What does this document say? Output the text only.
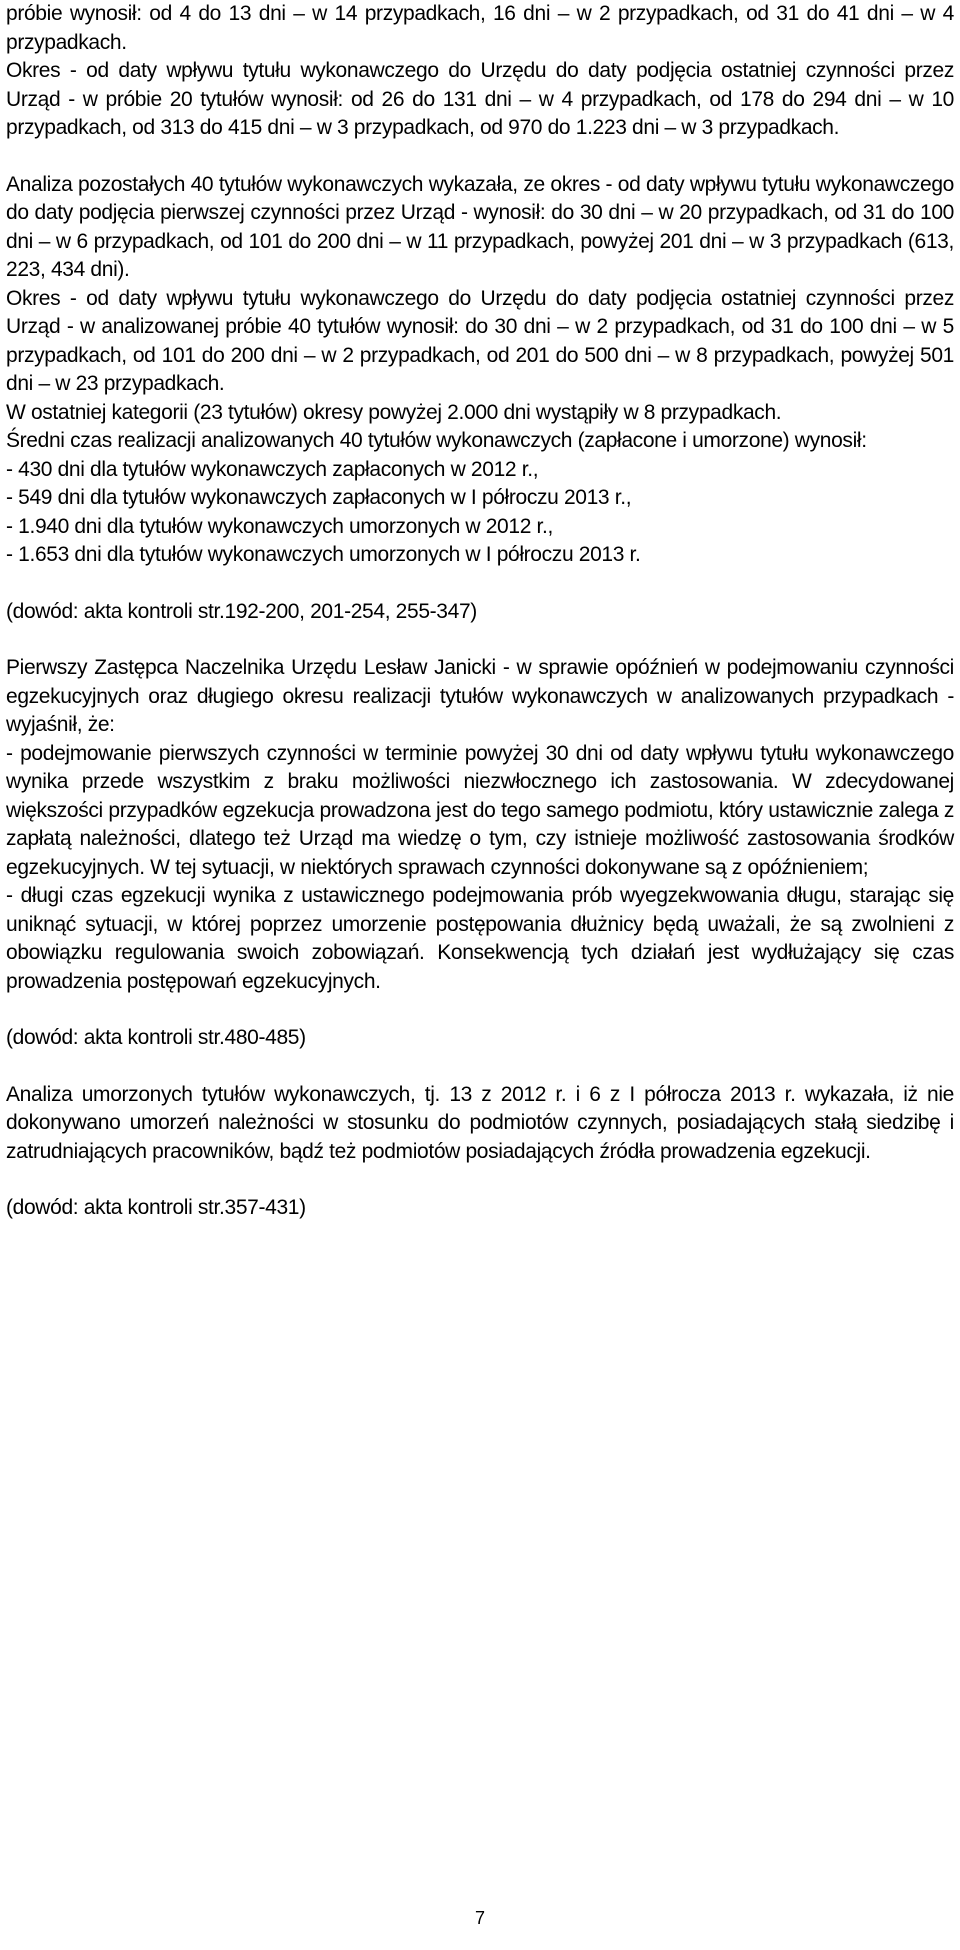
próbie wynosił: od 4 do 13 dni – w 14 przypadkach, 16 dni – w 2 przypadkach, od 31 do 41 dni – w 4 przypadkach.

Okres - od daty wpływu tytułu wykonawczego do Urzędu do daty podjęcia ostatniej czynności przez Urząd - w próbie 20 tytułów wynosił: od 26 do 131 dni – w 4 przypadkach, od 178 do 294 dni – w 10 przypadkach, od 313 do 415 dni – w 3 przypadkach, od 970 do 1.223 dni – w 3 przypadkach.

Analiza pozostałych 40 tytułów wykonawczych wykazała, ze okres - od daty wpływu tytułu wykonawczego do daty podjęcia pierwszej czynności przez Urząd - wynosił: do 30 dni – w 20 przypadkach, od 31 do 100 dni – w 6 przypadkach, od 101 do 200 dni – w 11 przypadkach, powyżej 201 dni – w 3 przypadkach (613, 223, 434 dni).

Okres - od daty wpływu tytułu wykonawczego do Urzędu do daty podjęcia ostatniej czynności przez Urząd - w analizowanej próbie 40 tytułów wynosił: do 30 dni – w 2 przypadkach, od 31 do 100 dni – w 5 przypadkach, od 101 do 200 dni – w 2 przypadkach, od 201 do 500 dni – w 8 przypadkach, powyżej 501 dni – w 23 przypadkach.

W ostatniej kategorii (23 tytułów) okresy powyżej 2.000 dni wystąpiły w 8 przypadkach.

Średni czas realizacji analizowanych 40 tytułów wykonawczych (zapłacone i umorzone) wynosił:

- 430 dni dla tytułów wykonawczych zapłaconych w 2012 r.,

- 549 dni dla tytułów wykonawczych zapłaconych w I półroczu 2013 r.,

- 1.940 dni dla tytułów wykonawczych umorzonych w 2012 r.,

- 1.653 dni dla tytułów wykonawczych umorzonych w I półroczu 2013 r.

(dowód: akta kontroli str.192-200, 201-254, 255-347)

Pierwszy Zastępca Naczelnika Urzędu Lesław Janicki - w sprawie opóźnień w podejmowaniu czynności egzekucyjnych oraz długiego okresu realizacji tytułów wykonawczych w analizowanych przypadkach - wyjaśnił, że:

- podejmowanie pierwszych czynności w terminie powyżej 30 dni od daty wpływu tytułu wykonawczego wynika przede wszystkim z braku możliwości niezwłocznego ich zastosowania. W zdecydowanej większości przypadków egzekucja prowadzona jest do tego samego podmiotu, który ustawicznie zalega z zapłatą należności, dlatego też Urząd ma wiedzę o tym, czy istnieje możliwość zastosowania środków egzekucyjnych. W tej sytuacji, w niektórych sprawach czynności dokonywane są z opóźnieniem;

- długi czas egzekucji wynika z ustawicznego podejmowania prób wyegzekwowania długu, starając się uniknąć sytuacji, w której poprzez umorzenie postępowania dłużnicy będą uważali, że są zwolnieni z obowiązku regulowania swoich zobowiązań. Konsekwencją tych działań jest wydłużający się czas prowadzenia postępowań egzekucyjnych.

(dowód: akta kontroli str.480-485)

Analiza umorzonych tytułów wykonawczych, tj. 13 z 2012 r. i 6 z I półrocza 2013 r. wykazała, iż nie dokonywano umorzeń należności w stosunku do podmiotów czynnych, posiadających stałą siedzibę i zatrudniających pracowników, bądź też podmiotów posiadających źródła prowadzenia egzekucji.

(dowód: akta kontroli str.357-431)

7
